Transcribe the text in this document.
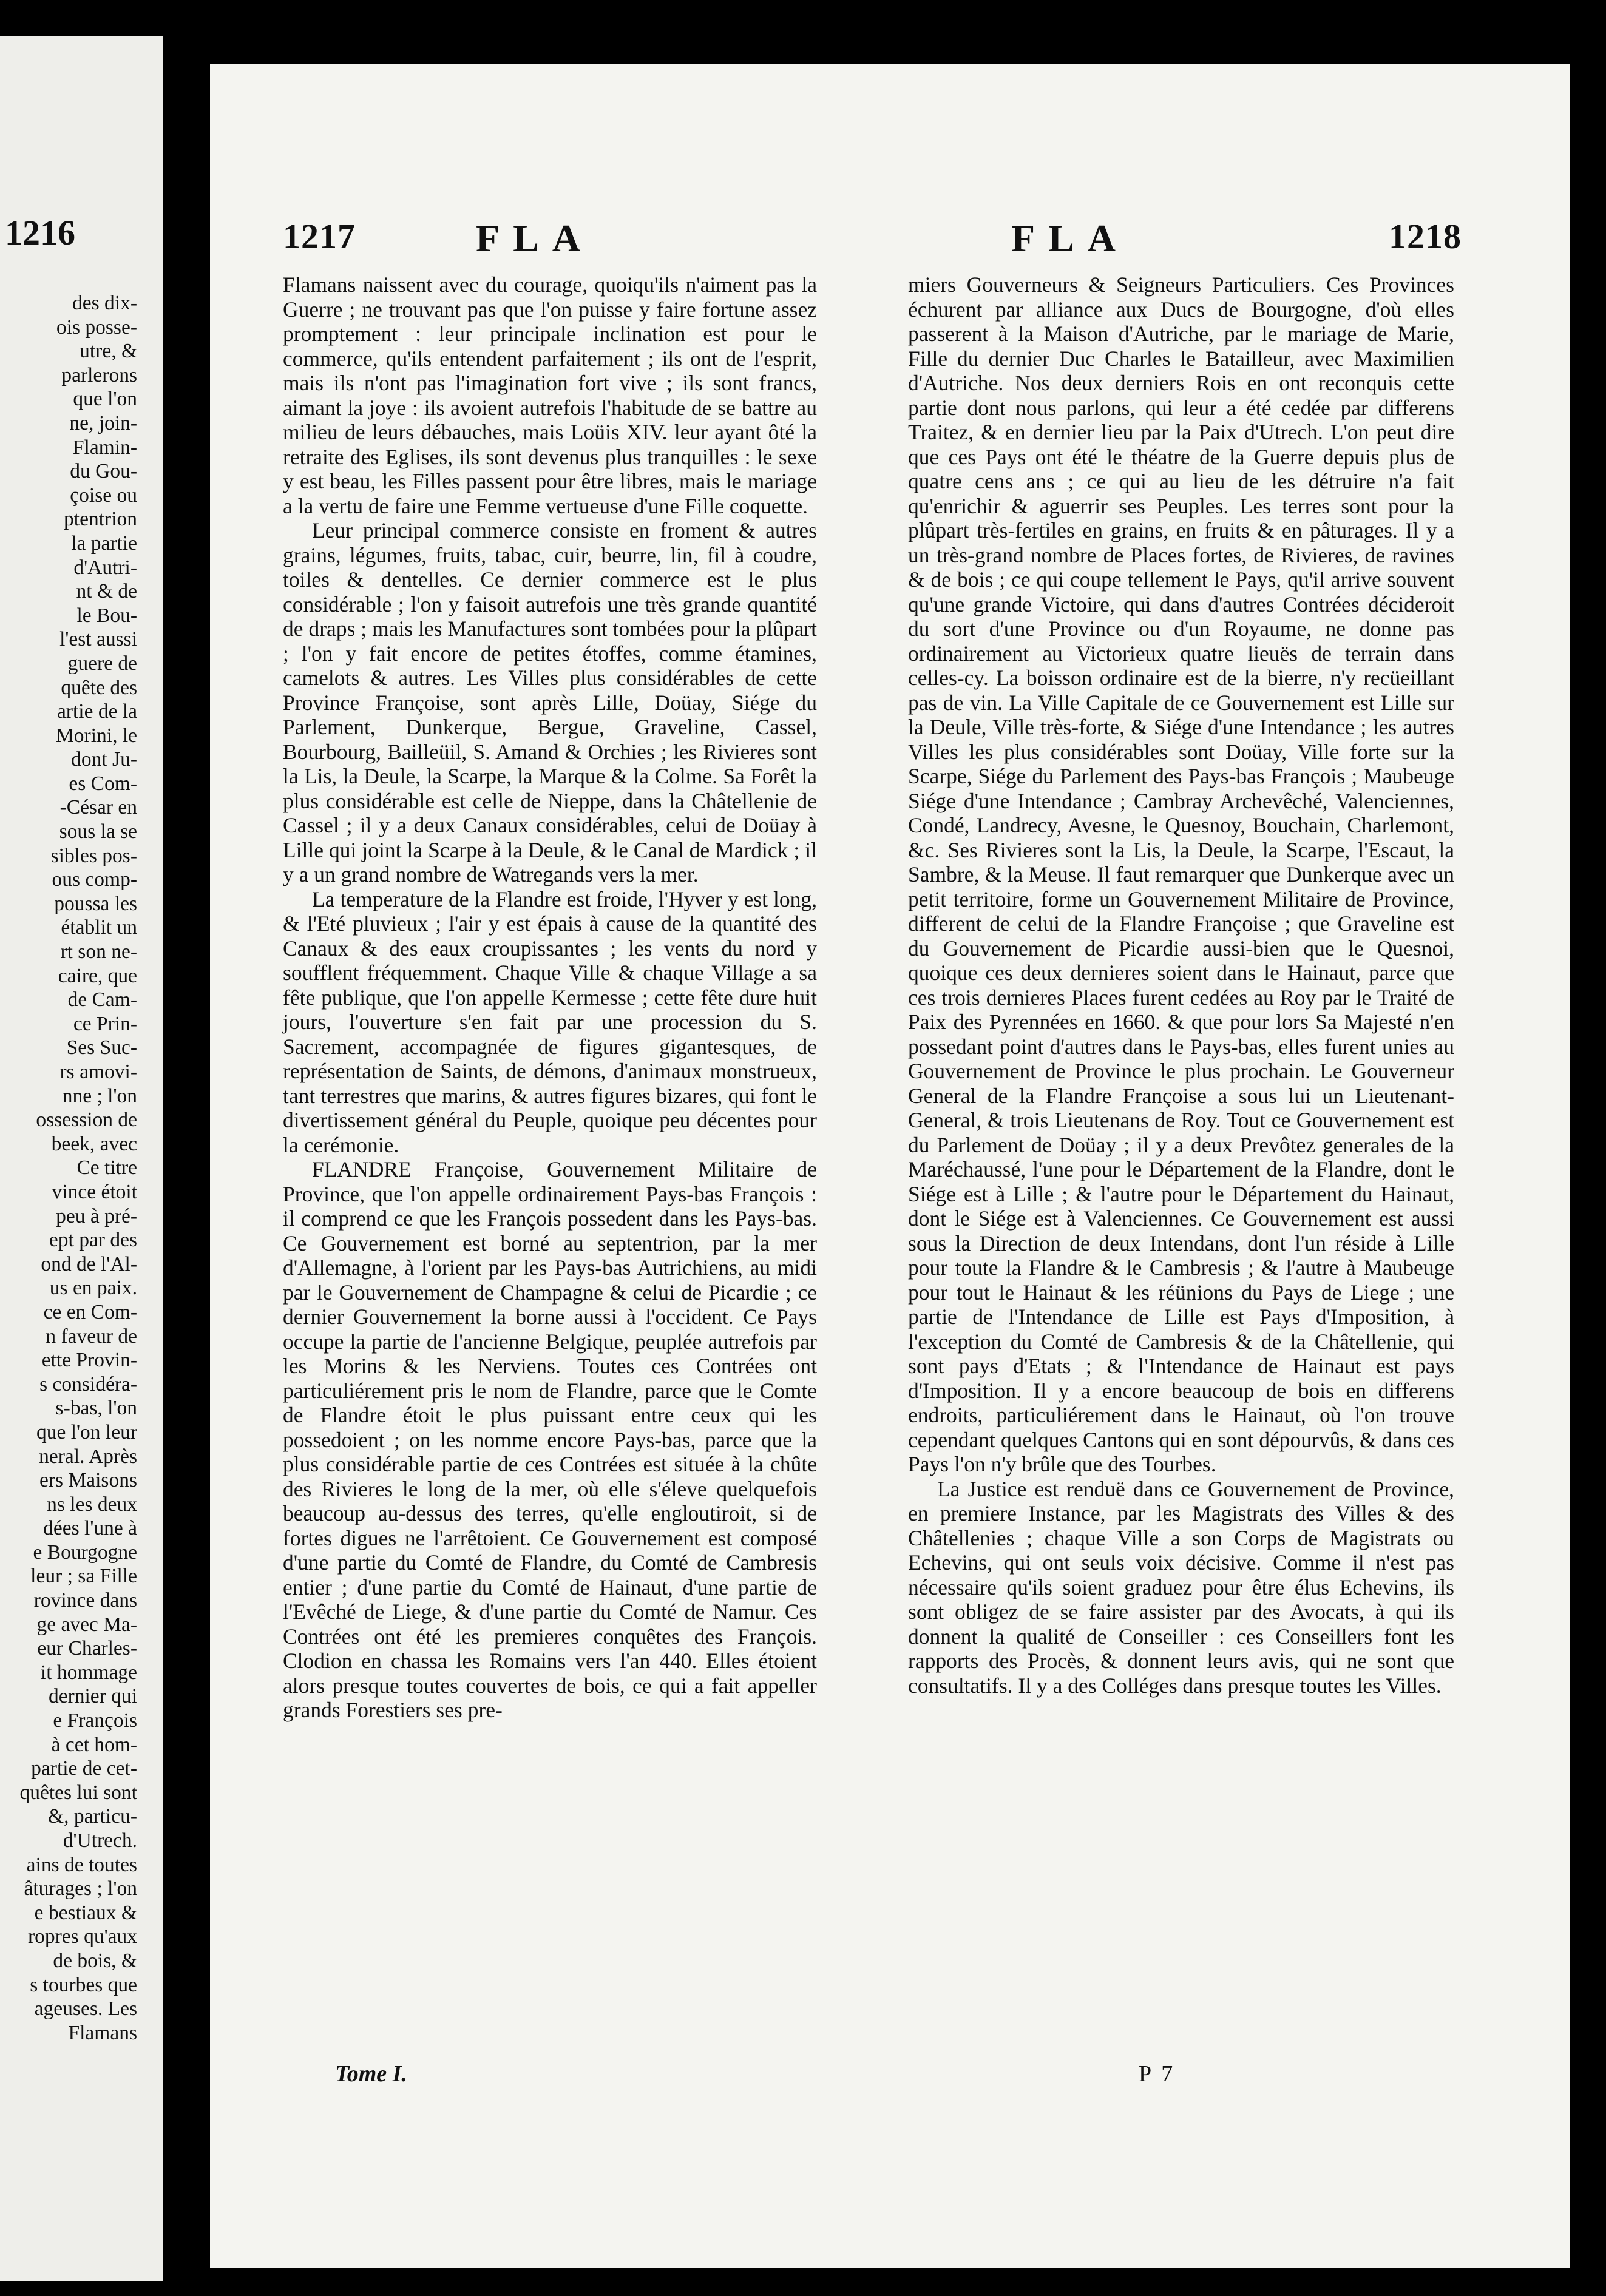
1216
des dix-
ois posse-
utre, &
parlerons
que l'on
ne, join-
Flamin-
du Gou-
çoise ou
ptentrion
la partie
d'Autri-
nt & de
le Bou-
l'est aussi
guere de
quête des
artie de la
Morini, le
dont Ju-
es Com-
-César en
sous la se
sibles pos-
ous comp-
poussa les
établit un
rt son ne-
caire, que
de Cam-
ce Prin-
Ses Suc-
rs amovi-
nne ; l'on
ossession de
beek, avec
Ce titre
vince étoit
peu à pré-
ept par des
ond de l'Al-
us en paix.
ce en Com-
n faveur de
ette Provin-
s considéra-
s-bas, l'on
que l'on leur
neral. Après
ers Maisons
ns les deux
dées l'une à
e Bourgogne
leur ; sa Fille
rovince dans
ge avec Ma-
eur Charles-
it hommage
dernier qui
e François
à cet hom-
partie de cet-
quêtes lui sont
&, particu-
d'Utrech.
ains de toutes
âturages ; l'on
e bestiaux &
ropres qu'aux
de bois, &
s tourbes que
ageuses. Les
Flamans
1217	FLA	FLA	1218

Flamans naissent avec du courage, quoiqu'ils n'aiment pas la Guerre ; ne trouvant pas que l'on puisse y faire fortune assez promptement : leur principale inclination est pour le commerce, qu'ils entendent parfaitement ; ils ont de l'esprit, mais ils n'ont pas l'imagination fort vive ; ils sont francs, aimant la joye : ils avoient autrefois l'habitude de se battre au milieu de leurs débauches, mais Loüis XIV. leur ayant ôté la retraite des Eglises, ils sont devenus plus tranquilles : le sexe y est beau, les Filles passent pour être libres, mais le mariage a la vertu de faire une Femme vertueuse d'une Fille coquette.

Leur principal commerce consiste en froment & autres grains, légumes, fruits, tabac, cuir, beurre, lin, fil à coudre, toiles & dentelles. Ce dernier commerce est le plus considérable ; l'on y faisoit autrefois une très grande quantité de draps ; mais les Manufactures sont tombées pour la plûpart ; l'on y fait encore de petites étoffes, comme étamines, camelots & autres. Les Villes plus considérables de cette Province Françoise, sont après Lille, Doüay, Siége du Parlement, Dunkerque, Bergue, Graveline, Cassel, Bourbourg, Bailleüil, S. Amand & Orchies ; les Rivieres sont la Lis, la Deule, la Scarpe, la Marque & la Colme. Sa Forêt la plus considérable est celle de Nieppe, dans la Châtellenie de Cassel ; il y a deux Canaux considérables, celui de Doüay à Lille qui joint la Scarpe à la Deule, & le Canal de Mardick ; il y a un grand nombre de Watregands vers la mer.

La temperature de la Flandre est froide, l'Hyver y est long, & l'Eté pluvieux ; l'air y est épais à cause de la quantité des Canaux & des eaux croupissantes ; les vents du nord y soufflent fréquemment. Chaque Ville & chaque Village a sa fête publique, que l'on appelle Kermesse ; cette fête dure huit jours, l'ouverture s'en fait par une procession du S. Sacrement, accompagnée de figures gigantesques, de représentation de Saints, de démons, d'animaux monstrueux, tant terrestres que marins, & autres figures bizares, qui font le divertissement général du Peuple, quoique peu décentes pour la cerémonie.

FLANDRE Françoise, Gouvernement Militaire de Province, que l'on appelle ordinairement Pays-bas François : il comprend ce que les François possedent dans les Pays-bas. Ce Gouvernement est borné au septentrion, par la mer d'Allemagne, à l'orient par les Pays-bas Autrichiens, au midi par le Gouvernement de Champagne & celui de Picardie ; ce dernier Gouvernement la borne aussi à l'occident. Ce Pays occupe la partie de l'ancienne Belgique, peuplée autrefois par les Morins & les Nerviens. Toutes ces Contrées ont particuliérement pris le nom de Flandre, parce que le Comte de Flandre étoit le plus puissant entre ceux qui les possedoient ; on les nomme encore Pays-bas, parce que la plus considérable partie de ces Contrées est située à la chûte des Rivieres le long de la mer, où elle s'éleve quelquefois beaucoup au-dessus des terres, qu'elle engloutiroit, si de fortes digues ne l'arrêtoient. Ce Gouvernement est composé d'une partie du Comté de Flandre, du Comté de Cambresis entier ; d'une partie du Comté de Hainaut, d'une partie de l'Evêché de Liege, & d'une partie du Comté de Namur. Ces Contrées ont été les premieres conquêtes des François. Clodion en chassa les Romains vers l'an 440. Elles étoient alors presque toutes couvertes de bois, ce qui a fait appeller grands Forestiers ses pre-

miers Gouverneurs & Seigneurs Particuliers. Ces Provinces échurent par alliance aux Ducs de Bourgogne, d'où elles passerent à la Maison d'Autriche, par le mariage de Marie, Fille du dernier Duc Charles le Batailleur, avec Maximilien d'Autriche. Nos deux derniers Rois en ont reconquis cette partie dont nous parlons, qui leur a été cedée par differens Traitez, & en dernier lieu par la Paix d'Utrech. L'on peut dire que ces Pays ont été le théatre de la Guerre depuis plus de quatre cens ans ; ce qui au lieu de les détruire n'a fait qu'enrichir & aguerrir ses Peuples. Les terres sont pour la plûpart très-fertiles en grains, en fruits & en pâturages. Il y a un très-grand nombre de Places fortes, de Rivieres, de ravines & de bois ; ce qui coupe tellement le Pays, qu'il arrive souvent qu'une grande Victoire, qui dans d'autres Contrées décideroit du sort d'une Province ou d'un Royaume, ne donne pas ordinairement au Victorieux quatre lieuës de terrain dans celles-cy. La boisson ordinaire est de la bierre, n'y recüeillant pas de vin. La Ville Capitale de ce Gouvernement est Lille sur la Deule, Ville très-forte, & Siége d'une Intendance ; les autres Villes les plus considérables sont Doüay, Ville forte sur la Scarpe, Siége du Parlement des Pays-bas François ; Maubeuge Siége d'une Intendance ; Cambray Archevêché, Valenciennes, Condé, Landrecy, Avesne, le Quesnoy, Bouchain, Charlemont, &c. Ses Rivieres sont la Lis, la Deule, la Scarpe, l'Escaut, la Sambre, & la Meuse. Il faut remarquer que Dunkerque avec un petit territoire, forme un Gouvernement Militaire de Province, different de celui de la Flandre Françoise ; que Graveline est du Gouvernement de Picardie aussi-bien que le Quesnoi, quoique ces deux dernieres soient dans le Hainaut, parce que ces trois dernieres Places furent cedées au Roy par le Traité de Paix des Pyrennées en 1660. & que pour lors Sa Majesté n'en possedant point d'autres dans le Pays-bas, elles furent unies au Gouvernement de Province le plus prochain. Le Gouverneur General de la Flandre Françoise a sous lui un Lieutenant-General, & trois Lieutenans de Roy. Tout ce Gouvernement est du Parlement de Doüay ; il y a deux Prevôtez generales de la Maréchaussé, l'une pour le Département de la Flandre, dont le Siége est à Lille ; & l'autre pour le Département du Hainaut, dont le Siége est à Valenciennes. Ce Gouvernement est aussi sous la Direction de deux Intendans, dont l'un réside à Lille pour toute la Flandre & le Cambresis ; & l'autre à Maubeuge pour tout le Hainaut & les réünions du Pays de Liege ; une partie de l'Intendance de Lille est Pays d'Imposition, à l'exception du Comté de Cambresis & de la Châtellenie, qui sont pays d'Etats ; & l'Intendance de Hainaut est pays d'Imposition. Il y a encore beaucoup de bois en differens endroits, particuliérement dans le Hainaut, où l'on trouve cependant quelques Cantons qui en sont dépourvûs, & dans ces Pays l'on n'y brûle que des Tourbes.

La Justice est renduë dans ce Gouvernement de Province, en premiere Instance, par les Magistrats des Villes & des Châtellenies ; chaque Ville a son Corps de Magistrats ou Echevins, qui ont seuls voix décisive. Comme il n'est pas nécessaire qu'ils soient graduez pour être élus Echevins, ils sont obligez de se faire assister par des Avocats, à qui ils donnent la qualité de Conseiller : ces Conseillers font les rapports des Procès, & donnent leurs avis, qui ne sont que consultatifs. Il y a des Colléges dans presque toutes les Villes.

Tome I.	P 7
